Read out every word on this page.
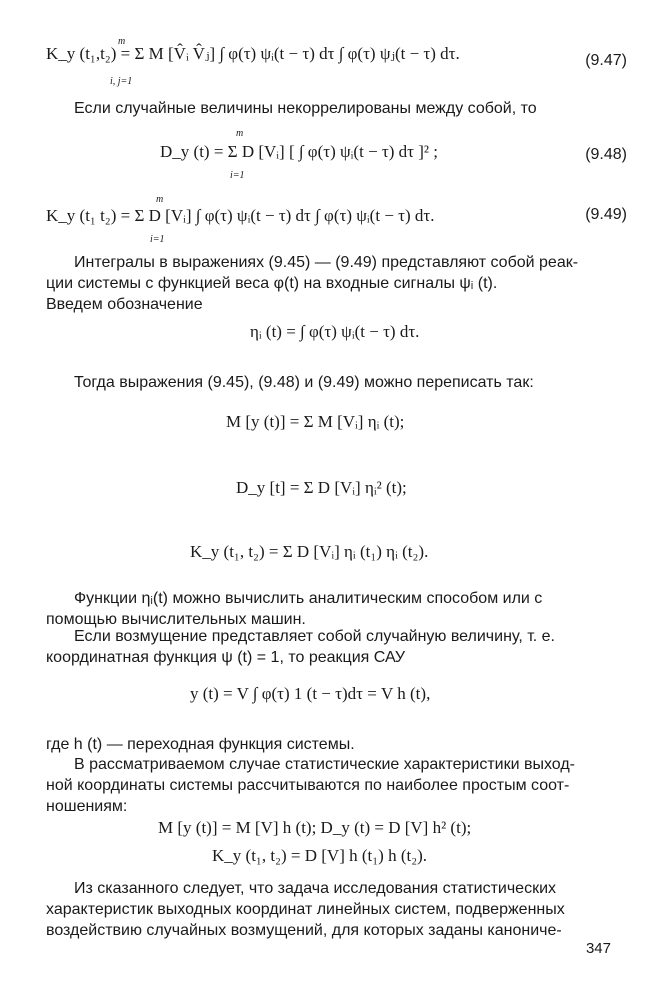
K_y (t₁,t₂) = Σ M [V̂ᵢ V̂ⱼ] ∫ φ(τ) ψᵢ(t − τ) dτ ∫ φ(τ) ψⱼ(t − τ) dτ.
m
i, j=1
(9.47)
Если случайные величины некоррелированы между собой, то
D_y (t) = Σ D [Vᵢ] [ ∫ φ(τ) ψᵢ(t − τ) dτ ]² ;
m
i=1
(9.48)
K_y (t₁ t₂) = Σ D [Vᵢ] ∫ φ(τ) ψᵢ(t − τ) dτ ∫ φ(τ) ψᵢ(t − τ) dτ.
m
i=1
(9.49)
Интегралы в выражениях (9.45) — (9.49) представляют собой реак-
ции системы с функцией веса φ(t) на входные сигналы ψᵢ (t).
Введем обозначение
ηᵢ (t) = ∫ φ(τ) ψᵢ(t − τ) dτ.
Тогда выражения (9.45), (9.48) и (9.49) можно переписать так:
M [y (t)] = Σ M [Vᵢ] ηᵢ (t);
D_y [t] = Σ D [Vᵢ] ηᵢ² (t);
K_y (t₁, t₂) = Σ D [Vᵢ] ηᵢ (t₁) ηᵢ (t₂).
Функции ηᵢ(t) можно вычислить аналитическим способом или с
помощью вычислительных машин.
Если возмущение представляет собой случайную величину, т. е.
координатная функция ψ (t) = 1, то реакция САУ
y (t) = V ∫ φ(τ) 1 (t − τ)dτ = V h (t),
где h (t) — переходная функция системы.
В рассматриваемом случае статистические характеристики выход-
ной координаты системы рассчитываются по наиболее простым соот-
ношениям:
M [y (t)] = M [V] h (t); D_y (t) = D [V] h² (t);
K_y (t₁, t₂) = D [V] h (t₁) h (t₂).
Из сказанного следует, что задача исследования статистических
характеристик выходных координат линейных систем, подверженных
воздействию случайных возмущений, для которых заданы канониче-
347
